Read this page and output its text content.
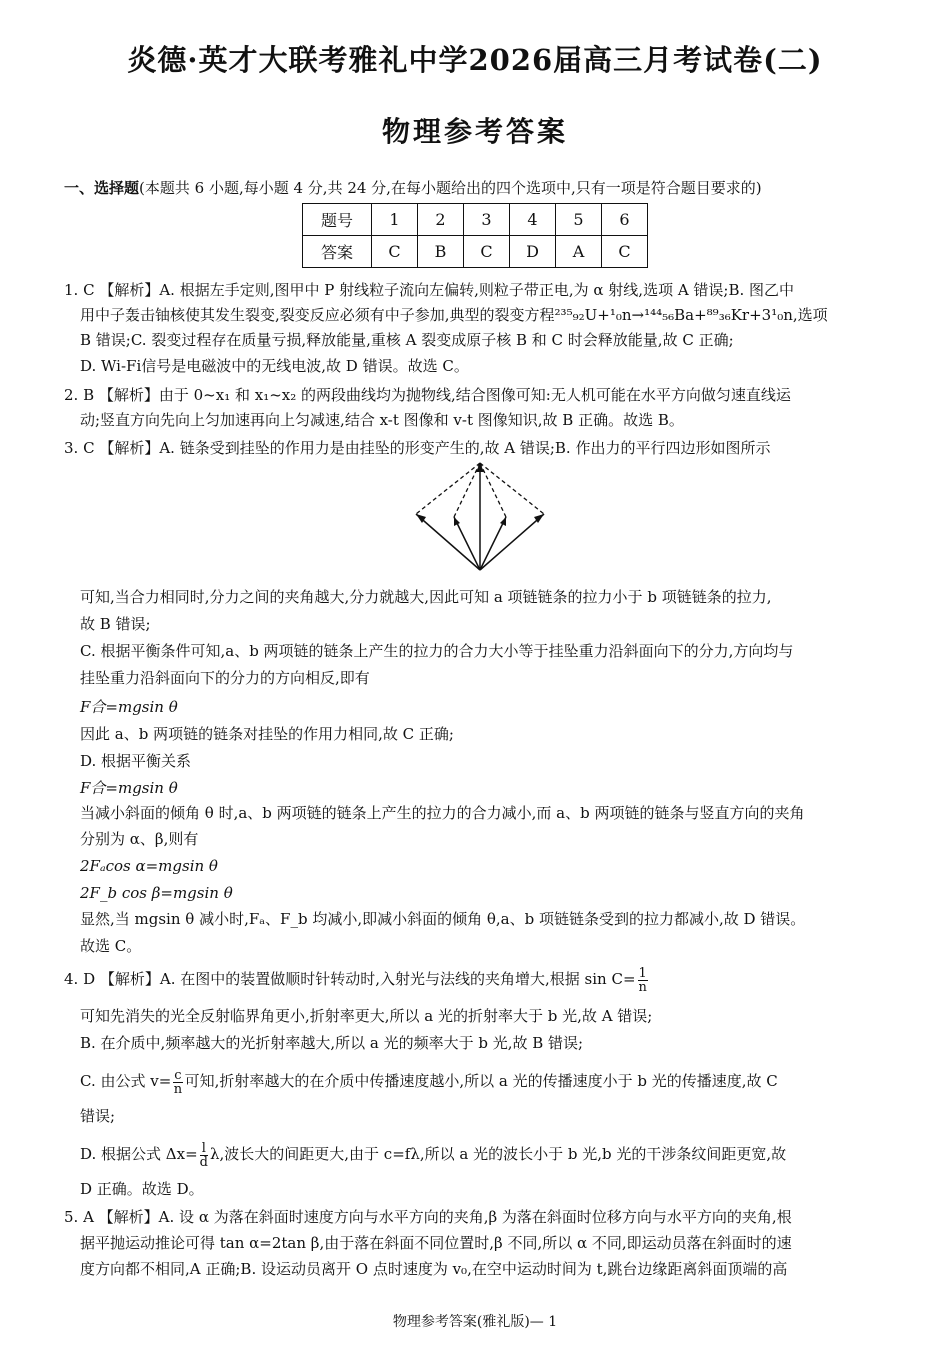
炎德·英才大联考雅礼中学2026届高三月考试卷(二)
物理参考答案
一、选择题(本题共 6 小题,每小题 4 分,共 24 分,在每小题给出的四个选项中,只有一项是符合题目要求的)
题号	1	2	3	4	5	6
答案	C	B	C	D	A	C
1. C 【解析】A. 根据左手定则,图甲中 P 射线粒子流向左偏转,则粒子带正电,为 α 射线,选项 A 错误;B. 图乙中
用中子轰击铀核使其发生裂变,裂变反应必须有中子参加,典型的裂变方程²³⁵₉₂U+¹₀n→¹⁴⁴₅₆Ba+⁸⁹₃₆Kr+3¹₀n,选项
B 错误;C. 裂变过程存在质量亏损,释放能量,重核 A 裂变成原子核 B 和 C 时会释放能量,故 C 正确;
D. Wi-Fi信号是电磁波中的无线电波,故 D 错误。故选 C。
2. B 【解析】由于 0~x₁ 和 x₁~x₂ 的两段曲线均为抛物线,结合图像可知:无人机可能在水平方向做匀速直线运
动;竖直方向先向上匀加速再向上匀减速,结合 x-t 图像和 v-t 图像知识,故 B 正确。故选 B。
3. C 【解析】A. 链条受到挂坠的作用力是由挂坠的形变产生的,故 A 错误;B. 作出力的平行四边形如图所示
可知,当合力相同时,分力之间的夹角越大,分力就越大,因此可知 a 项链链条的拉力小于 b 项链链条的拉力,
故 B 错误;
C. 根据平衡条件可知,a、b 两项链的链条上产生的拉力的合力大小等于挂坠重力沿斜面向下的分力,方向均与
挂坠重力沿斜面向下的分力的方向相反,即有
F合=mgsin θ
因此 a、b 两项链的链条对挂坠的作用力相同,故 C 正确;
D. 根据平衡关系
F合=mgsin θ
当减小斜面的倾角 θ 时,a、b 两项链的链条上产生的拉力的合力减小,而 a、b 两项链的链条与竖直方向的夹角
分别为 α、β,则有
2Fₐcos α=mgsin θ
2F_b cos β=mgsin θ
显然,当 mgsin θ 减小时,Fₐ、F_b 均减小,即减小斜面的倾角 θ,a、b 项链链条受到的拉力都减小,故 D 错误。
故选 C。
4. D 【解析】A. 在图中的装置做顺时针转动时,入射光与法线的夹角增大,根据 $\sin C= \frac{1}{n}$
可知先消失的光全反射临界角更小,折射率更大,所以 a 光的折射率大于 b 光,故 A 错误;
B. 在介质中,频率越大的光折射率越大,所以 a 光的频率大于 b 光,故 B 错误;
C. 由公式 $v= \frac{c}{n}$ 可知,折射率越大的在介质中传播速度越小,所以 a 光的传播速度小于 b 光的传播速度,故 C
错误;
D. 根据公式 $\Delta x= \frac{l}{d} \lambda$,波长大的间距更大,由于 c=fλ,所以 a 光的波长小于 b 光,b 光的干涉条纹间距更宽,故
D 正确。故选 D。
5. A 【解析】A. 设 α 为落在斜面时速度方向与水平方向的夹角,β 为落在斜面时位移方向与水平方向的夹角,根
据平抛运动推论可得 tan α=2tan β,由于落在斜面不同位置时,β 不同,所以 α 不同,即运动员落在斜面时的速
度方向都不相同,A 正确;B. 设运动员离开 O 点时速度为 v₀,在空中运动时间为 t,跳台边缘距离斜面顶端的高
物理参考答案(雅礼版)— 1
